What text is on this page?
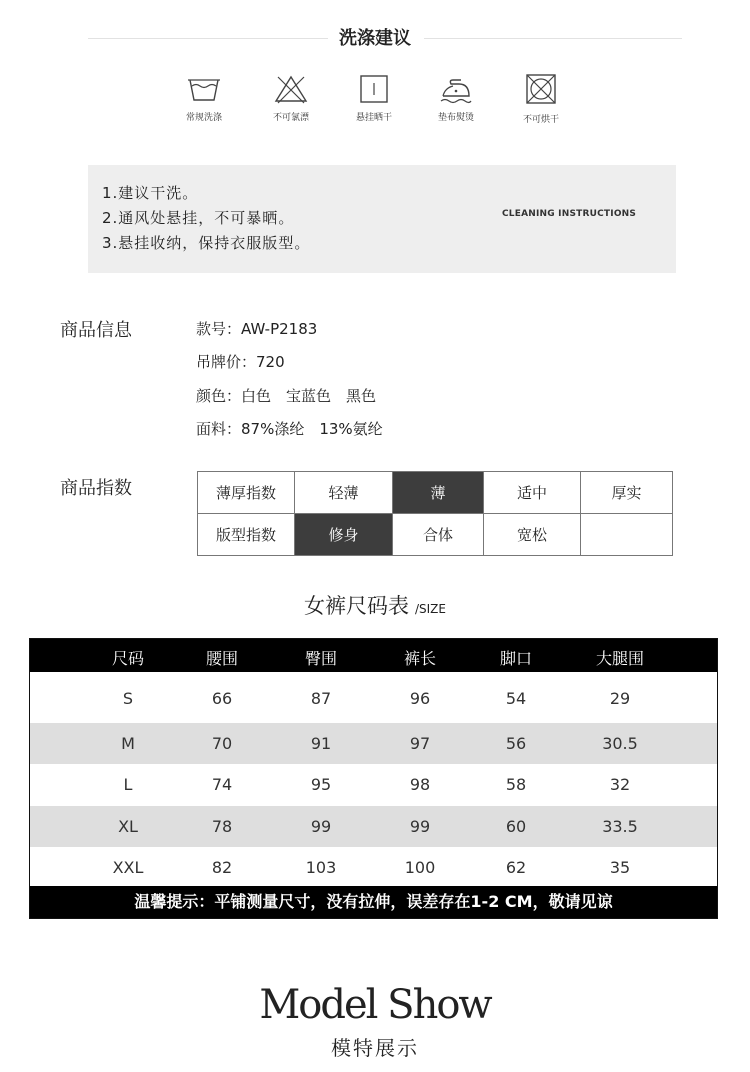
洗涤建议
常规洗涤	不可氯漂	悬挂晒干	垫布熨烫	不可烘干
1.建议干洗。
2.通风处悬挂，不可暴晒。
3.悬挂收纳，保持衣服版型。
CLEANING INSTRUCTIONS
商品信息	款号：AW-P2183
吊牌价：720
颜色：白色　宝蓝色　黑色
面料：87%涤纶　13%氨纶
商品指数	薄厚指数	轻薄	薄	适中	厚实
版型指数	修身	合体	宽松	
女裤尺码表 /SIZE
尺码	腰围	臀围	裤长	脚口	大腿围
S	66	87	96	54	29
M	70	91	97	56	30.5
L	74	95	98	58	32
XL	78	99	99	60	33.5
XXL	82	103	100	62	35
温馨提示：平铺测量尺寸，没有拉伸，误差存在1-2 CM，敬请见谅
Model Show
模特展示
